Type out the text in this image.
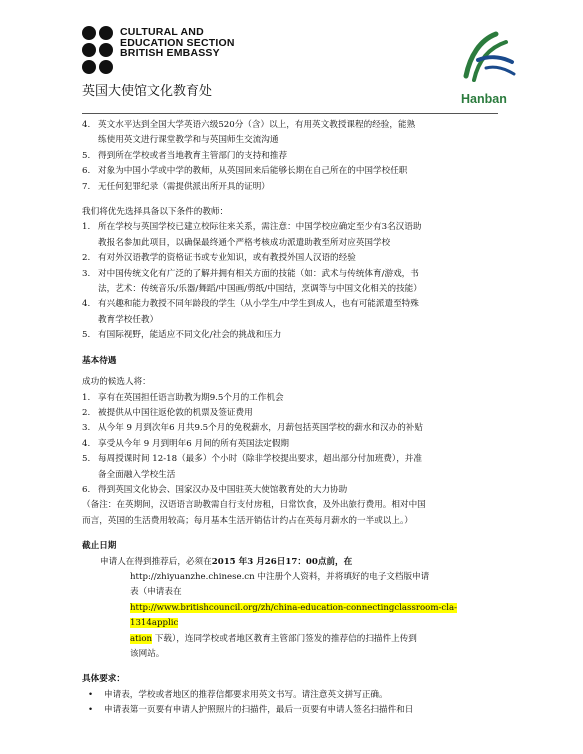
CULTURAL AND
EDUCATION SECTION
BRITISH EMBASSY
英国大使馆文化教育处	Hanban
4. 英文水平达到全国大学英语六级520分（含）以上，有用英文教授课程的经验，能熟
练使用英文进行课堂教学和与英国师生交流沟通
5. 得到所在学校或者当地教育主管部门的支持和推荐
6. 对象为中国小学或中学的教师，从英国回来后能够长期在自己所在的中国学校任职
7. 无任何犯罪纪录（需提供派出所开具的证明）
我们将优先选择具备以下条件的教师：
1. 所在学校与英国学校已建立校际往来关系，需注意：中国学校应确定至少有3名汉语助
教报名参加此项目，以确保最终通个严格考核成功派遣助教至所对应英国学校
2. 有对外汉语教学的资格证书或专业知识，或有教授外国人汉语的经验
3. 对中国传统文化有广泛的了解并拥有相关方面的技能（如：武术与传统体育/游戏，书
法，艺术：传统音乐/乐器/舞蹈/中国画/剪纸/中国结，烹调等与中国文化相关的技能）
4. 有兴趣和能力教授不同年龄段的学生（从小学生/中学生到成人，也有可能派遣至特殊
教育学校任教）
5. 有国际视野，能适应不同文化/社会的挑战和压力
基本待遇
成功的候选人将：
1. 享有在英国担任语言助教为期9.5个月的工作机会
2. 被提供从中国往返伦敦的机票及签证费用
3. 从今年 9 月到次年6 月共9.5个月的免税薪水，月薪包括英国学校的薪水和汉办的补贴
4. 享受从今年 9 月到明年6 月间的所有英国法定假期
5. 每周授课时间 12-18（最多）个小时（除非学校提出要求，超出部分付加班费），并准
备全面融入学校生活
6. 得到英国文化协会、国家汉办及中国驻英大使馆教育处的大力协助
（备注：在英期间，汉语语言助教需自行支付房租，日常饮食，及外出旅行费用。相对中国
而言，英国的生活费用较高；每月基本生活开销估计约占在英每月薪水的一半或以上。）
截止日期
申请人在得到推荐后，必须在2015 年3 月26日17：00点前，在
http://zhiyuanzhe.chinese.cn 中注册个人资料，并将填好的电子文档版申请
表（申请表在
http://www.britishcouncil.org/zh/china-education-connectingclassroom-cla-1314applic
ation 下载），连同学校或者地区教育主管部门签发的推荐信的扫描件上传到
该网站。
具体要求：
• 申请表，学校或者地区的推荐信都要求用英文书写。请注意英文拼写正确。
• 申请表第一页要有申请人护照照片的扫描件，最后一页要有申请人签名扫描件和日
